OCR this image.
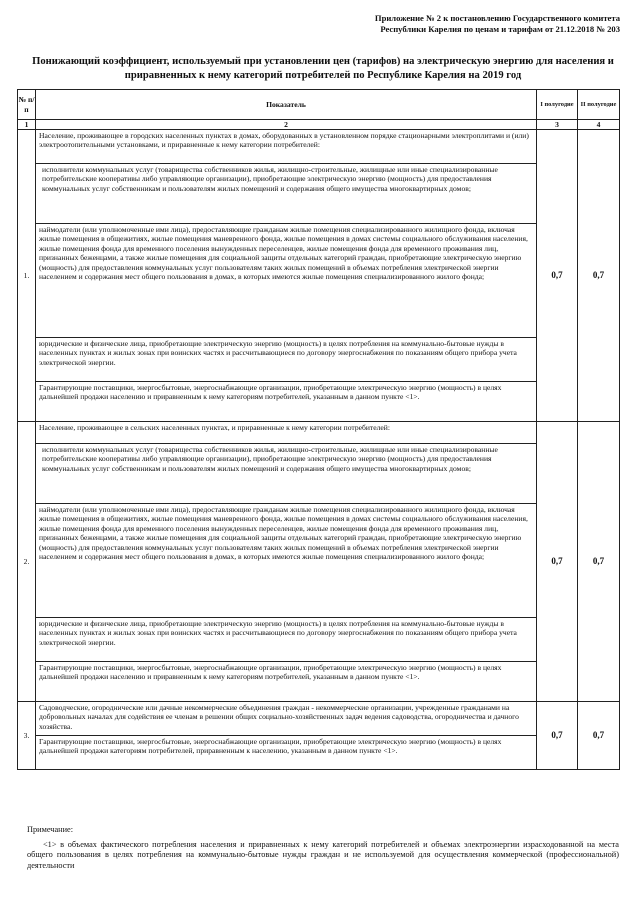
Приложение № 2 к постановлению Государственного комитета
Республики Карелия по ценам и тарифам от 21.12.2018 № 203
Понижающий коэффициент, используемый при установлении цен (тарифов) на электрическую энергию для населения и
приравненных к нему категорий потребителей по Республике Карелия на 2019 год
№ п/п	Показатель	I полугодие	II полугодие
1	2	3	4
1.	Население, проживающее в городских населенных пунктах в домах, оборудованных в установленном порядке стационарными электроплитами и (или) электроотопительными установками, и приравненные к нему категории потребителей:	0,7	0,7
	исполнители коммунальных услуг (товарищества собственников жилья, жилищно-строительные, жилищные или иные специализированные потребительские кооперативы либо управляющие организации), приобретающие электрическую энергию (мощность) для предоставления коммунальных услуг собственникам и пользователям жилых помещений и содержания общего имущества многоквартирных домов;		
	наймодатели (или уполномоченные ими лица), предоставляющие гражданам жилые помещения специализированного жилищного фонда, включая жилые помещения в общежитиях, жилые помещения маневренного фонда, жилые помещения в домах системы социального обслуживания населения, жилые помещения фонда для временного поселения вынужденных переселенцев, жилые помещения фонда для временного проживания лиц, признанных беженцами, а также жилые помещения для социальной защиты отдельных категорий граждан, приобретающие электрическую энергию (мощность) для предоставления коммунальных услуг пользователям таких жилых помещений в объемах потребления электрической энергии населением и содержания мест общего пользования в домах, в которых имеются жилые помещения специализированного жилого фонда;		
	юридические и физические лица, приобретающие электрическую энергию (мощность) в целях потребления на коммунально-бытовые нужды в населенных пунктах и жилых зонах при воинских частях и рассчитывающиеся по договору энергоснабжения по показаниям общего прибора учета электрической энергии.		
	Гарантирующие поставщики, энергосбытовые, энергоснабжающие организации, приобретающие электрическую энергию (мощность) в целях дальнейшей продажи населению и приравненным к нему категориям потребителей, указанным в данном пункте <1>.		
2.	Население, проживающее в сельских населенных пунктах, и приравненные к нему категории потребителей:	0,7	0,7
	исполнители коммунальных услуг (товарищества собственников жилья, жилищно-строительные, жилищные или иные специализированные потребительские кооперативы либо управляющие организации), приобретающие электрическую энергию (мощность) для предоставления коммунальных услуг собственникам и пользователям жилых помещений и содержания общего имущества многоквартирных домов;		
	наймодатели (или уполномоченные ими лица), предоставляющие гражданам жилые помещения специализированного жилищного фонда, включая жилые помещения в общежитиях, жилые помещения маневренного фонда, жилые помещения в домах системы социального обслуживания населения, жилые помещения фонда для временного поселения вынужденных переселенцев, жилые помещения фонда для временного проживания лиц, признанных беженцами, а также жилые помещения для социальной защиты отдельных категорий граждан, приобретающие электрическую энергию (мощность) для предоставления коммунальных услуг пользователям таких жилых помещений в объемах потребления электрической энергии населением и содержания мест общего пользования в домах, в которых имеются жилые помещения специализированного жилого фонда;		
	юридические и физические лица, приобретающие электрическую энергию (мощность) в целях потребления на коммунально-бытовые нужды в населенных пунктах и жилых зонах при воинских частях и рассчитывающиеся по договору энергоснабжения по показаниям общего прибора учета электрической энергии.		
	Гарантирующие поставщики, энергосбытовые, энергоснабжающие организации, приобретающие электрическую энергию (мощность) в целях дальнейшей продажи населению и приравненным к нему категориям потребителей, указанным в данном пункте <1>.		
3.	Садоводческие, огороднические или дачные некоммерческие объединения граждан - некоммерческие организации, учрежденные гражданами на добровольных началах для содействия ее членам в решении общих социально-хозяйственных задач ведения садоводства, огородничества и дачного хозяйства.	0,7	0,7
	Гарантирующие поставщики, энергосбытовые, энергоснабжающие организации, приобретающие электрическую энергию (мощность) в целях дальнейшей продажи категориям потребителей, приравненным к населению, указанным в данном пункте <1>.		

Примечание:

<1> в объемах фактического потребления населения и приравненных к нему категорий потребителей и объемах электроэнергии израсходованной на места общего пользования в целях потребления на коммунально-бытовые нужды граждан и не используемой для осуществления коммерческой (профессиональной) деятельности
